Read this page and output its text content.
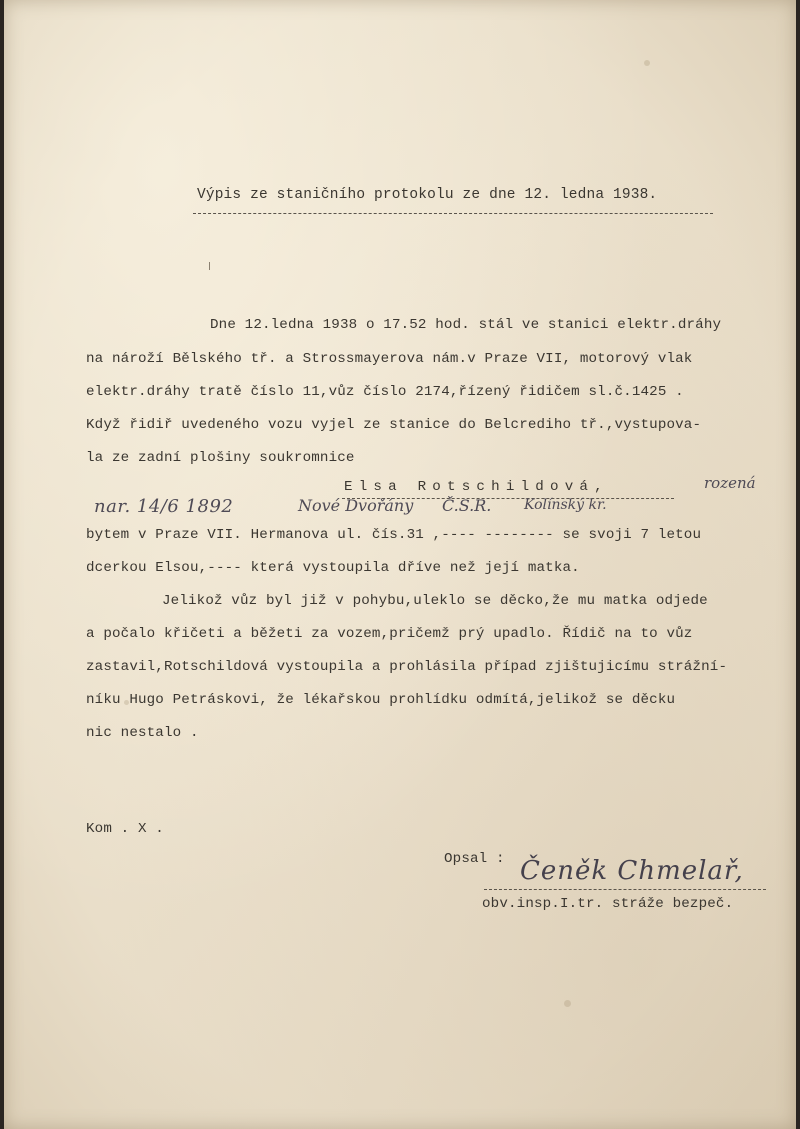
Výpis ze staničního protokolu ze dne 12. ledna 1938.
Dne 12.ledna 1938 o 17.52 hod. stál ve stanici elektr.dráhy
na nároží Bělského tř. a Strossmayerova nám.v Praze VII, motorový vlak
elektr.dráhy tratě číslo 11,vůz číslo 2174,řízený řidičem sl.č.1425 .
Když řidiř uvedeného vozu vyjel ze stanice do Belcrediho tř.,vystupova-
la ze zadní plošiny soukromnice
Elsa Rotschildová,	rozená
nar. 14/6 1892	Nové Dvořány Č.S.R. Kolínský kr.
bytem v Praze VII. Hermanova ul. čís.31 ,---- -------- se svoji 7 letou
dcerkou Elsou,---- která vystoupila dříve než její matka.
Jelikož vůz byl již v pohybu,uleklo se děcko,že mu matka odjede
a počalo křičeti a běžeti za vozem,pričemž prý upadlo. Řídič na to vůz
zastavil,Rotschildová vystoupila a prohlásila případ zjištujicímu strážní-
níku Hugo Petráskovi, že lékařskou prohlídku odmítá,jelikož se děcku
nic nestalo .
Kom . X .
Opsal : Čeněk Chmelař,
obv.insp.I.tr. stráže bezpeč.
